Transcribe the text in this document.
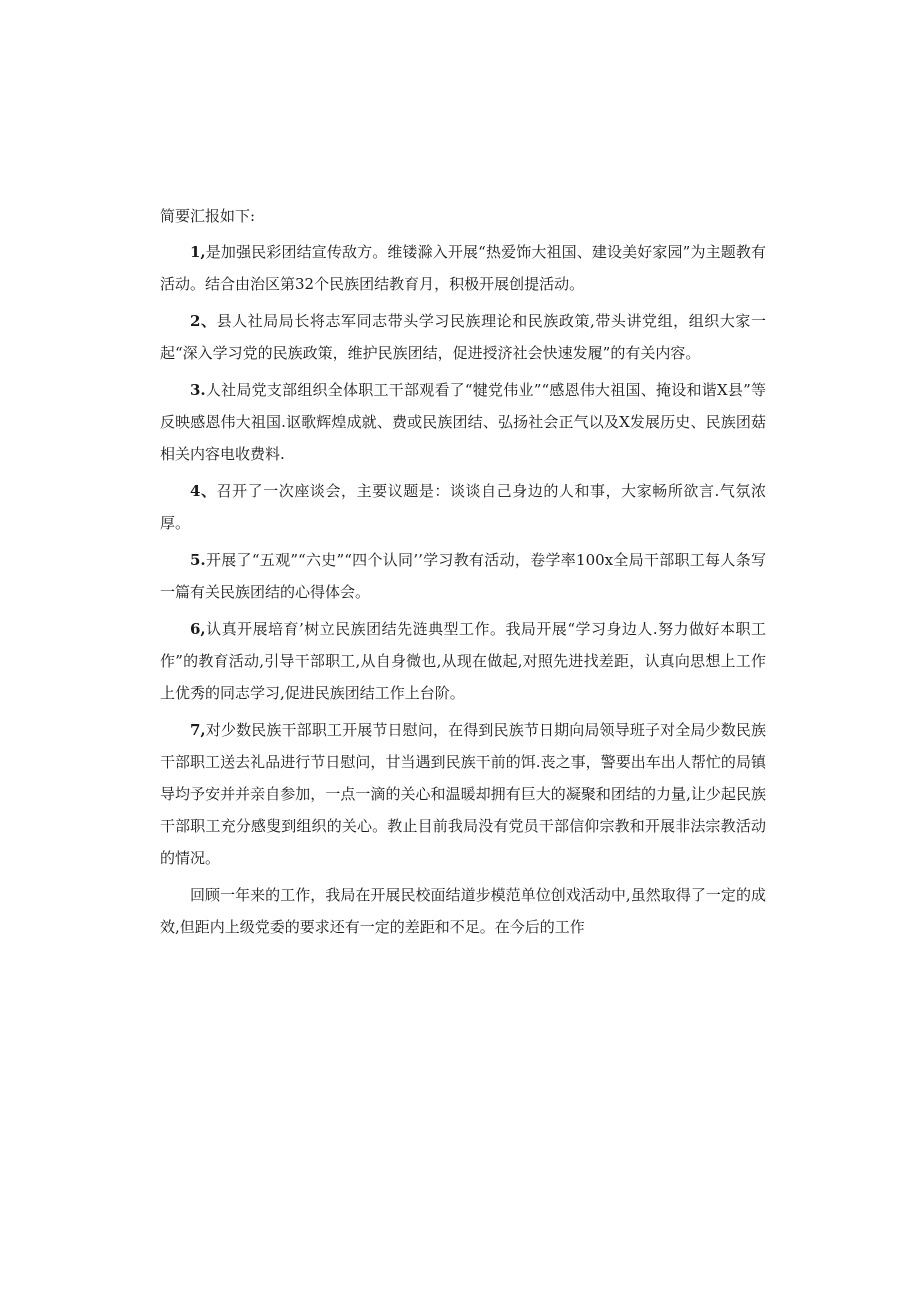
简要汇报如下:

1,是加强民彩团结宣传敌方。维镂滁入开展“热爱饰大祖国、建设美好家园”为主题教有活动。结合由治区第32个民族团结教育月，积极开展创提活动。

2、县人社局局长将志军同志带头学习民族理论和民族政策,带头讲党组，组织大家一起“深入学习党的民族政策，维护民族团结，促进授济社会快速发履”的有关内容。

3.人社局党支部组织全体职工干部观看了“犍党伟业”“感恩伟大祖国、掩设和谐X县”等反映感恩伟大祖国.讴歌辉煌成就、费或民族团结、弘扬社会正气以及X发展历史、民族团菇相关内容电收费料.

4、召开了一次座谈会，主要议题是：谈谈自己身边的人和事，大家畅所欲言.气氛浓厚。

5.开展了“五观”“六史”“四个认同’’学习教有活动，卷学率100x全局干部职工每人条写一篇有关民族团结的心得体会。

6,认真开展培育’树立民族团结先涟典型工作。我局开展“学习身边人.努力做好本职工作”的教育活动,引导干部职工,从自身微也,从现在做起,对照先进找差距，认真向思想上工作上优秀的同志学习,促进民族团结工作上台阶。

7,对少数民族干部职工开展节日慰问，在得到民族节日期向局领导班子对全局少数民族干部职工送去礼品进行节日慰问，甘当遇到民族干前的饵.丧之事，警要出车出人帮忙的局镇导均予安并并亲自参加，一点一滴的关心和温暖却拥有巨大的凝聚和团结的力量,让少起民族干部职工充分感叟到组织的关心。教止目前我局没有党员干部信仰宗教和开展非法宗教活动的情况。

回顾一年来的工作，我局在开展民校面结道步模范单位创戏活动中,虽然取得了一定的成效,但距内上级党委的要求还有一定的差距和不足。在今后的工作
